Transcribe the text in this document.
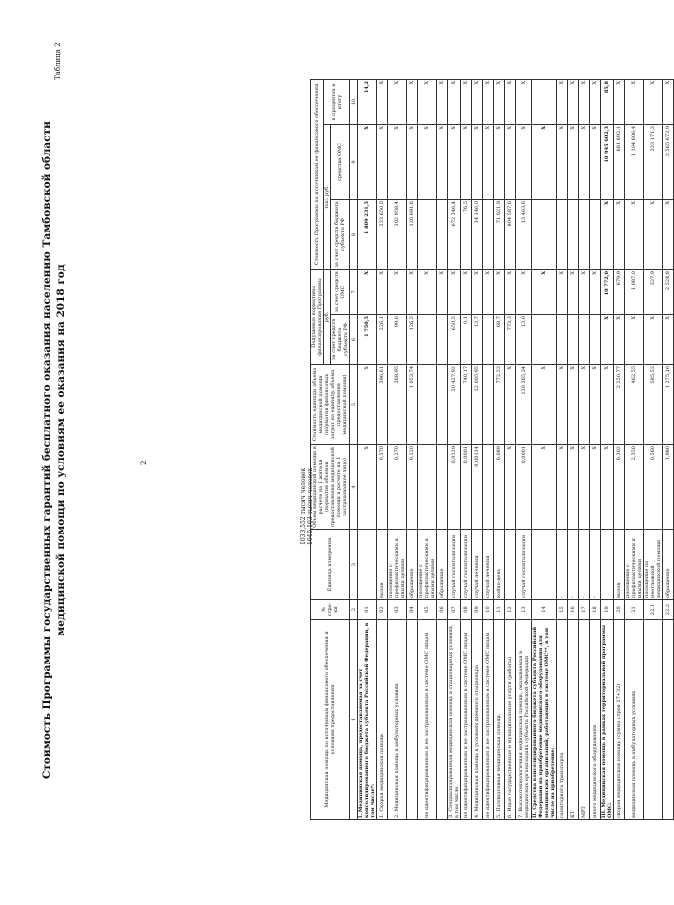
2
Таблица 2
Стоимость Программы государственных гарантий бесплатного оказания населению Тамбовской области медицинской помощи по условиям ее оказания на 2018 год	1033,552 тысяч человек 1045,103 тысяч человек
Медицинская помощь по источникам финансового обеспечения и условиям предоставления	№ стро-ки	Единица измерения	Объем медицинской помощи в расчете на 1 жителя (норматив объемов предоставления медицинской помощи в расчете на 1 застрахованное лицо)	Стоимость единицы объема медицинской помощи (норматив финансовых затрат на единицу объема предоставления медицинской помощи)	Подушевые нормативы финансирования Программы		Стоимость Программы по источникам ее финансового обеспечения		
					руб.		тыс. руб.		в процентах к итогу
					за счет средств бюджета субъекта РФ	за счет средств ОМС	за счет средств бюджета субъекта РФ	средства ОМС	
1	2	3	4	5	6	7	8	9	10
I. Медицинская помощь, предоставляемая за счет консолидированного бюджета субъекта Российской Федерации, в том числе*:	01		Х	Х	1 750,5	Х	1 809 231,5	Х	14,2
1. Скорая медицинская помощь	02	вызов	0,570	396,61	226,1	Х	233 650,0	Х	Х
2. Медицинская помощь в амбулаторных условиях	03	посещение с профилактическими и иными целями	0,270	368,95	99,6	Х	102 958,4	Х	Х
	04	обращение	0,120	1 053,74	126,5	Х	130 691,6	Х	Х
не идентифицированным и не застрахованным в системе ОМС лицам	05	посещение с профилактическими и иными целями				Х		Х	Х
	06	обращение				Х		Х	Х
3. Специализированная медицинская помощь в стационарных условиях, в том числе	07	случай госпитализации	0,0129	50 427,92	650,5	Х	672 346,4	Х	Х
не идентифицированным и не застрахованным в системе ОМС лицам	08	случай госпитализации	0,0001	740,17	0,1	Х	76,5	Х	Х
4. Медицинская помощь в условиях дневного стационара	09	случай лечения	0,00114	12 005,95	13,7	Х	14 146,0	Х	Х
не идентифицированным и не застрахованным в системе ОМС лицам	10	случай лечения				Х		Х	Х
5. Паллиативная медицинская помощь	11	койко-день	0,089	772,22	68,7	Х	71 021,9	Х	Х
6. Иные государственные и муниципальные услуги (работы)	12		Х	Х	773,3	Х	804 587,6	Х	Х
7. Высокотехнологичная медицинская помощь, оказываемая в медицинских организациях субъекта Российской Федерации	13	случай госпитализации	0,0001	130 265,34	13,0	Х	13 463,6	Х	Х
II. Средства консолидированного бюджета субъекта Российской Федерации на приобретение медицинского оборудования для медицинских организаций, работающих в системе ОМС**, в том числе на приобретение:	14		Х	Х		Х		Х	
санитарного транспорта	15	-	Х	Х		Х		Х	Х
КТ	16	-	Х	Х		Х		Х	Х
МРТ	17	-	Х	Х		Х		Х	Х
иного медицинского оборудования	18	-	Х	Х		Х		Х	Х
III. Медицинская помощь в рамках территориальной программы ОМС:	19		Х	Х	Х	10 772,0	Х	10 945 602,3	85,8
скорая медицинская помощь (сумма строк 27+32)	20	вызов	0,302	2 250,77	Х	679,9	Х	681 692,1	Х
медицинская помощь в амбулаторных условиях	21	посещение с профилактическими и иными целями	2,350	462,55	Х	1 087,0	Х	1 104 606,4	Х
	22.1	посещение по неотложной медицинской помощи	0,560	585,52	Х	327,9	Х	333 171,3	Х
	22.2	обращение	1,980	1 275,16	Х	2 524,8	Х	2 565 673,9	Х
